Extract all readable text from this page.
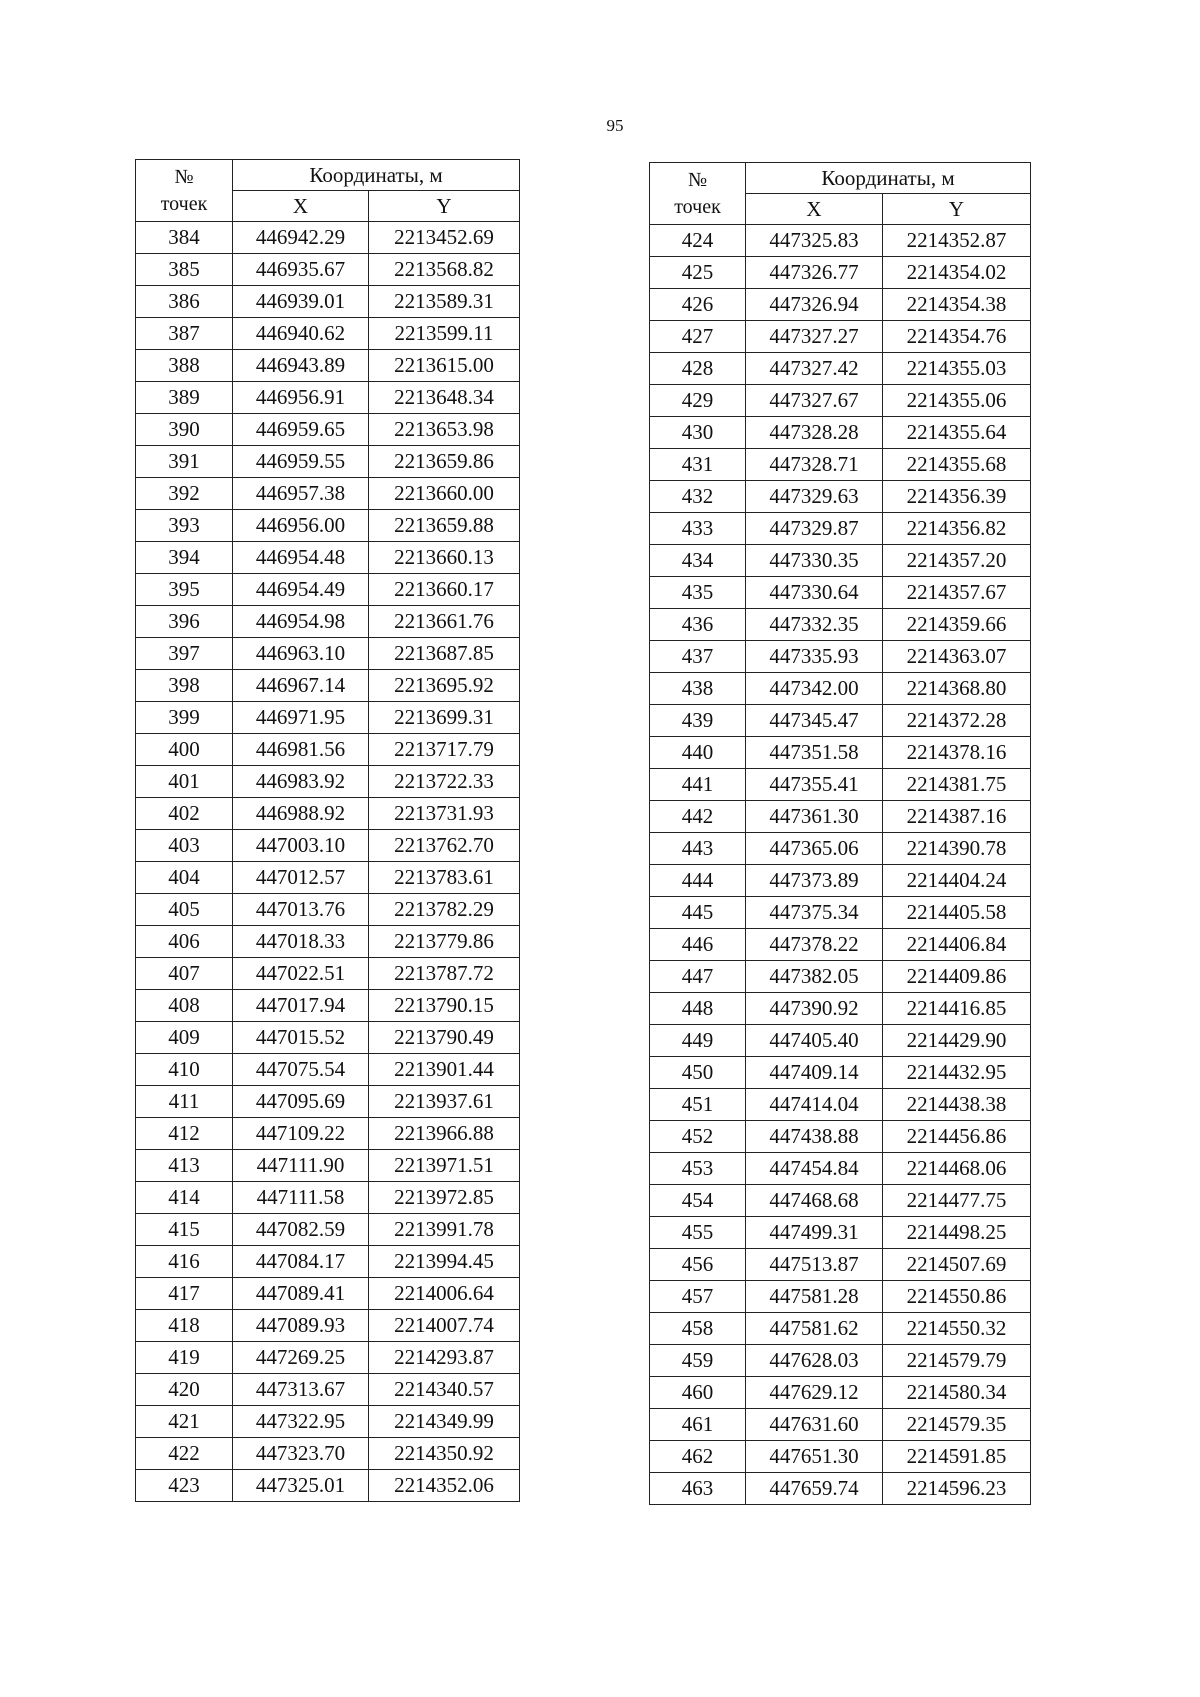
95
№
точек	Координаты, м	
	X	Y
384	446942.29	2213452.69
385	446935.67	2213568.82
386	446939.01	2213589.31
387	446940.62	2213599.11
388	446943.89	2213615.00
389	446956.91	2213648.34
390	446959.65	2213653.98
391	446959.55	2213659.86
392	446957.38	2213660.00
393	446956.00	2213659.88
394	446954.48	2213660.13
395	446954.49	2213660.17
396	446954.98	2213661.76
397	446963.10	2213687.85
398	446967.14	2213695.92
399	446971.95	2213699.31
400	446981.56	2213717.79
401	446983.92	2213722.33
402	446988.92	2213731.93
403	447003.10	2213762.70
404	447012.57	2213783.61
405	447013.76	2213782.29
406	447018.33	2213779.86
407	447022.51	2213787.72
408	447017.94	2213790.15
409	447015.52	2213790.49
410	447075.54	2213901.44
411	447095.69	2213937.61
412	447109.22	2213966.88
413	447111.90	2213971.51
414	447111.58	2213972.85
415	447082.59	2213991.78
416	447084.17	2213994.45
417	447089.41	2214006.64
418	447089.93	2214007.74
419	447269.25	2214293.87
420	447313.67	2214340.57
421	447322.95	2214349.99
422	447323.70	2214350.92
423	447325.01	2214352.06
№
точек	Координаты, м	
	X	Y
424	447325.83	2214352.87
425	447326.77	2214354.02
426	447326.94	2214354.38
427	447327.27	2214354.76
428	447327.42	2214355.03
429	447327.67	2214355.06
430	447328.28	2214355.64
431	447328.71	2214355.68
432	447329.63	2214356.39
433	447329.87	2214356.82
434	447330.35	2214357.20
435	447330.64	2214357.67
436	447332.35	2214359.66
437	447335.93	2214363.07
438	447342.00	2214368.80
439	447345.47	2214372.28
440	447351.58	2214378.16
441	447355.41	2214381.75
442	447361.30	2214387.16
443	447365.06	2214390.78
444	447373.89	2214404.24
445	447375.34	2214405.58
446	447378.22	2214406.84
447	447382.05	2214409.86
448	447390.92	2214416.85
449	447405.40	2214429.90
450	447409.14	2214432.95
451	447414.04	2214438.38
452	447438.88	2214456.86
453	447454.84	2214468.06
454	447468.68	2214477.75
455	447499.31	2214498.25
456	447513.87	2214507.69
457	447581.28	2214550.86
458	447581.62	2214550.32
459	447628.03	2214579.79
460	447629.12	2214580.34
461	447631.60	2214579.35
462	447651.30	2214591.85
463	447659.74	2214596.23
